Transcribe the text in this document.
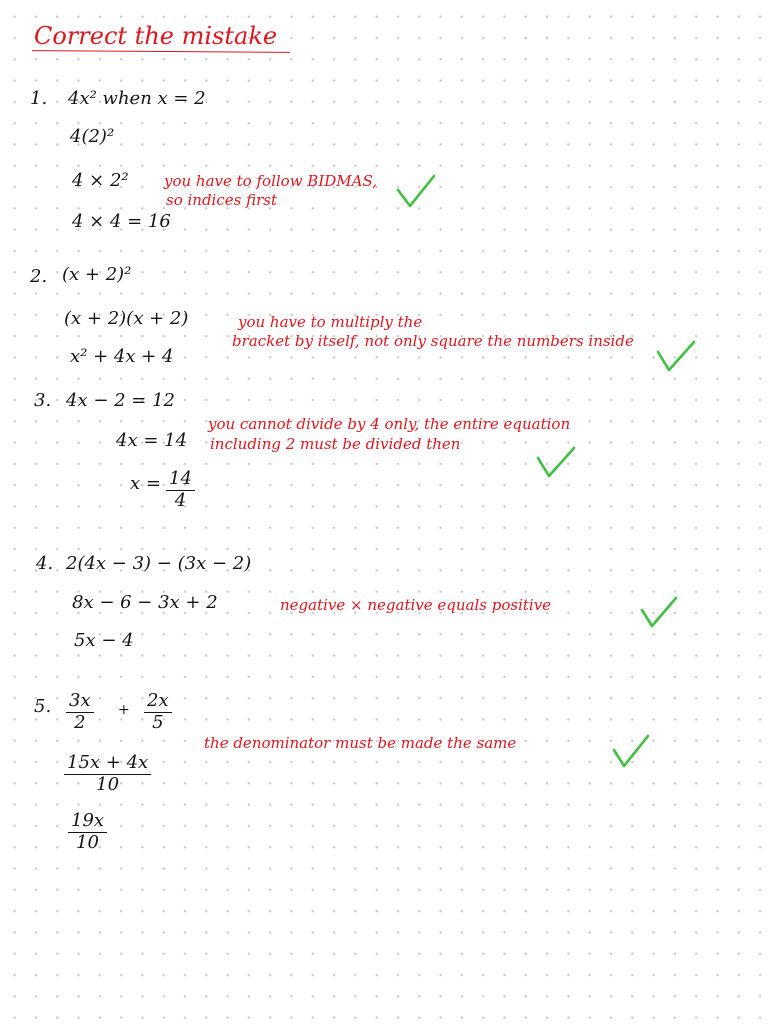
Correct the mistake
1. 4x² when x = 2
4(2)²
4 × 2²
4 × 4 = 16
you have to follow BIDMAS,
so indices first
2. (x + 2)²
(x + 2)(x + 2)
x² + 4x + 4
you have to multiply the
bracket by itself, not only square the numbers inside
3. 4x − 2 = 12
4x = 14
$x = \frac{14}{4}$
you cannot divide by 4 only, the entire equation
including 2 must be divided then
4. 2(4x − 3) − (3x − 2)
8x − 6 − 3x + 2
5x − 4
negative × negative equals positive
5. $\frac{3x}{2} + \frac{2x}{5}$
$\frac{15x + 4x}{10}$
$\frac{19x}{10}$
the denominator must be made the same
